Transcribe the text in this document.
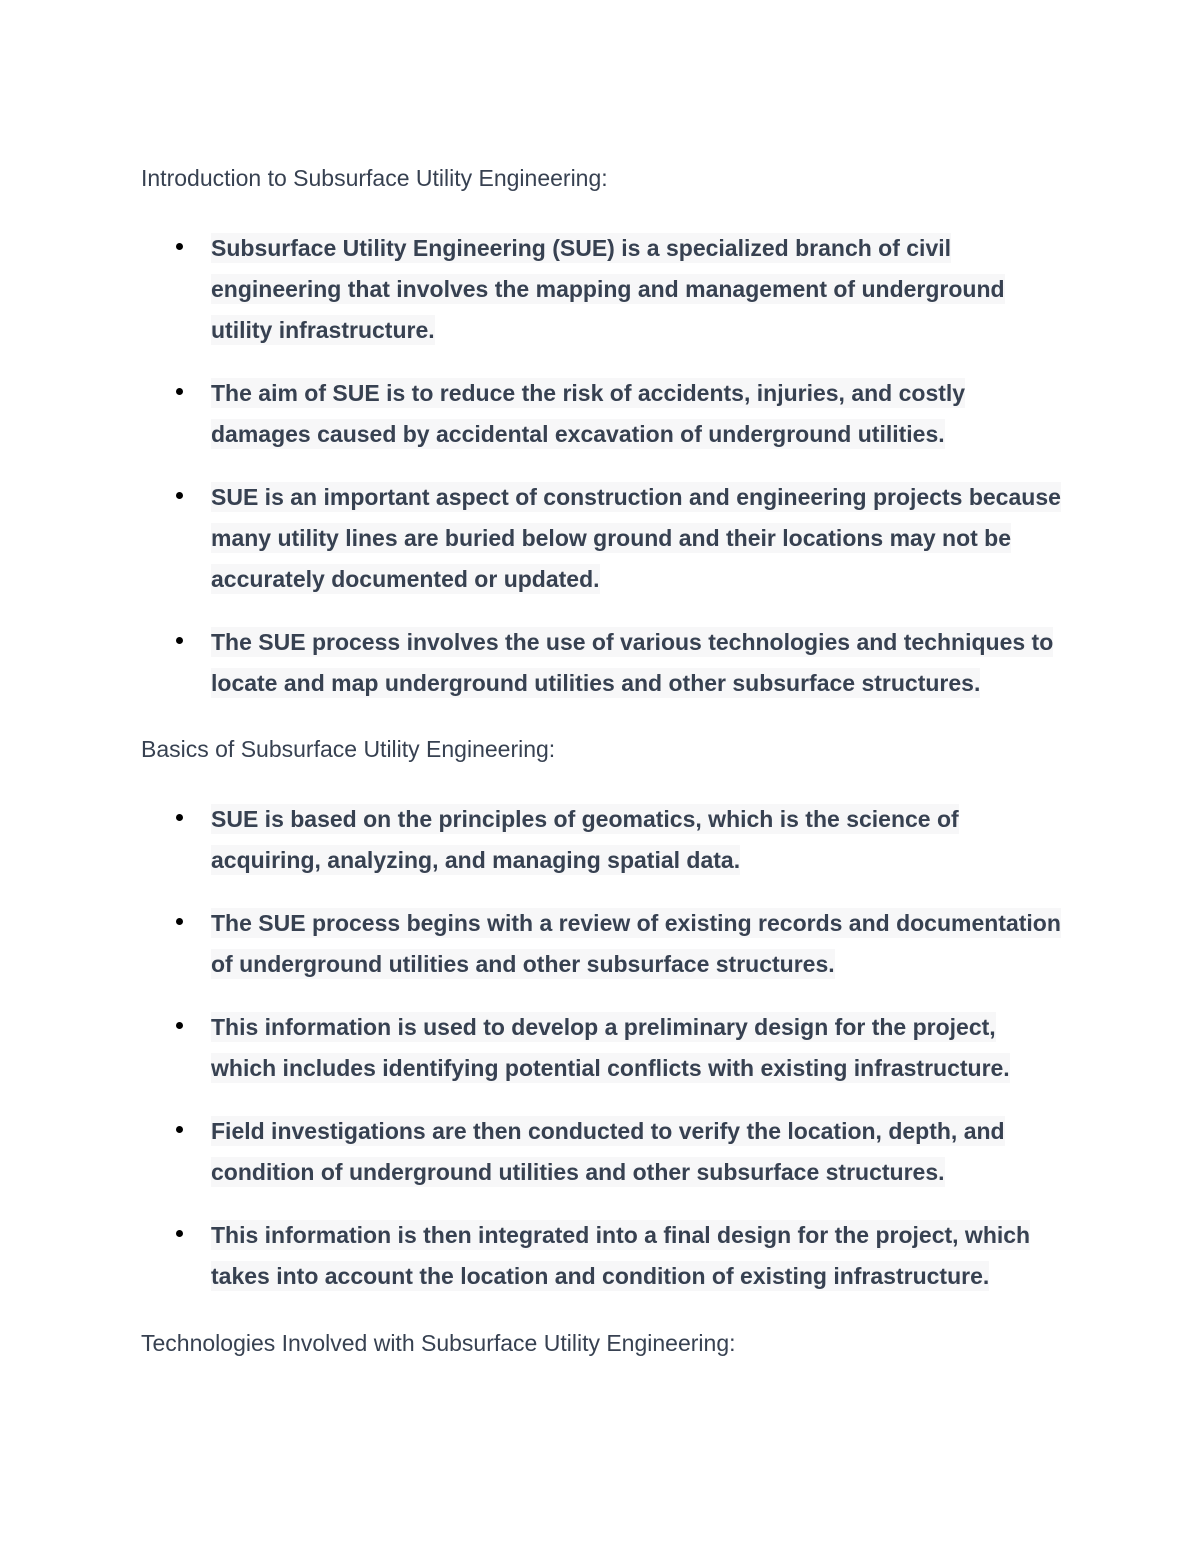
Introduction to Subsurface Utility Engineering:
Subsurface Utility Engineering (SUE) is a specialized branch of civil engineering that involves the mapping and management of underground utility infrastructure.
The aim of SUE is to reduce the risk of accidents, injuries, and costly damages caused by accidental excavation of underground utilities.
SUE is an important aspect of construction and engineering projects because many utility lines are buried below ground and their locations may not be accurately documented or updated.
The SUE process involves the use of various technologies and techniques to locate and map underground utilities and other subsurface structures.
Basics of Subsurface Utility Engineering:
SUE is based on the principles of geomatics, which is the science of acquiring, analyzing, and managing spatial data.
The SUE process begins with a review of existing records and documentation of underground utilities and other subsurface structures.
This information is used to develop a preliminary design for the project, which includes identifying potential conflicts with existing infrastructure.
Field investigations are then conducted to verify the location, depth, and condition of underground utilities and other subsurface structures.
This information is then integrated into a final design for the project, which takes into account the location and condition of existing infrastructure.
Technologies Involved with Subsurface Utility Engineering:
